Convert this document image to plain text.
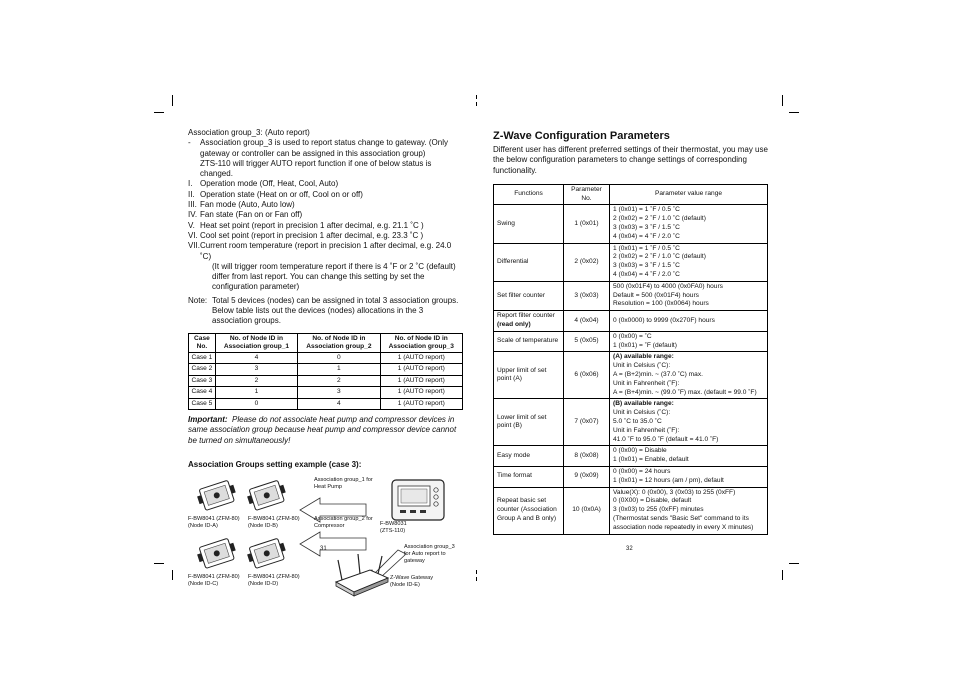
Association group_3: (Auto report)

- Association group_3 is used to report status change to gateway. (Only gateway or controller can be assigned in this association group)
ZTS-110 will trigger AUTO report function if one of below status is changed.
I. Operation mode (Off, Heat, Cool, Auto)
II. Operation state (Heat on or off, Cool on or off)
III. Fan mode (Auto, Auto low)
IV. Fan state (Fan on or Fan off)
V. Heat set point (report in precision 1 after decimal, e.g. 21.1 ˚C )
VI. Cool set point (report in precision 1 after decimal, e.g. 23.3 ˚C )
VII. Current room temperature (report in precision 1 after decimal, e.g. 24.0 ˚C)
(It will trigger room temperature report if there is 4 ˚F or 2 ˚C (default) differ from last report. You can change this setting by set the configuration parameter)
Note: Total 5 devices (nodes) can be assigned in total 3 association groups. Below table lists out the devices (nodes) allocations in the 3 association groups.
Case No.	No. of Node ID in Association group_1	No. of Node ID in Association group_2	No. of Node ID in Association group_3
Case 1	4	0	1 (AUTO report)
Case 2	3	1	1 (AUTO report)
Case 3	2	2	1 (AUTO report)
Case 4	1	3	1 (AUTO report)
Case 5	0	4	1 (AUTO report)

Important: Please do not associate heat pump and compressor devices in same association group because heat pump and compressor device cannot be turned on simultaneously!

Association Groups setting example (case 3):

F-BW8041 (ZFM-80) (Node ID-A)
F-BW8041 (ZFM-80) (Node ID-B)
F-BW8041 (ZFM-80) (Node ID-C)
F-BW8041 (ZFM-80) (Node ID-D)
Association group_1 for Heat Pump
Association group_2 for Compressor
Association group_3 for Auto report to gateway
F-BW8031 (ZTS-110)
Z-Wave Gateway (Node ID-E)
31
Z-Wave Configuration Parameters

Different user has different preferred settings of their thermostat, you may use the below configuration parameters to change settings of corresponding functionality.

Functions	Parameter No.	Parameter value range
Swing	1 (0x01)	1 (0x01) = 1 ˚F / 0.5 ˚C
2 (0x02) = 2 ˚F / 1.0 ˚C (default)
3 (0x03) = 3 ˚F / 1.5 ˚C
4 (0x04) = 4 ˚F / 2.0 ˚C

Differential	2 (0x02)	1 (0x01) = 1 ˚F / 0.5 ˚C
2 (0x02) = 2 ˚F / 1.0 ˚C (default)
3 (0x03) = 3 ˚F / 1.5 ˚C
4 (0x04) = 4 ˚F / 2.0 ˚C

Set filter counter	3 (0x03)	500 (0x01F4) to 4000 (0x0FA0) hours
Default = 500 (0x01F4) hours
Resolution = 100 (0x0064) hours

Report filter counter
(read only)	4 (0x04)	0 (0x0000) to 9999 (0x270F) hours

Scale of temperature	5 (0x05)	0 (0x00) = ˚C
1 (0x01) = ˚F (default)

Upper limit of set point (A)	6 (0x06)	(A) available range:
Unit in Celsius (˚C):
A = (B+2)min. ~ (37.0 ˚C) max.
Unit in Fahrenheit (˚F):
A = (B+4)min. ~ (99.0 ˚F) max. (default = 99.0 ˚F)

Lower limit of set point (B)	7 (0x07)	(B) available range:
Unit in Celsius (˚C):
5.0 ˚C to 35.0 ˚C
Unit in Fahrenheit (˚F):
41.0 ˚F to 95.0 ˚F (default = 41.0 ˚F)

Easy mode	8 (0x08)	0 (0x00) = Disable
1 (0x01) = Enable, default

Time format	9 (0x09)	0 (0x00) = 24 hours
1 (0x01) = 12 hours (am / pm), default

Repeat basic set counter (Association Group A and B only)	10 (0x0A)	Value(X): 0 (0x00), 3 (0x03) to 255 (0xFF)
0 (0X00) = Disable, default
3 (0x03) to 255 (0xFF) minutes
(Thermostat sends "Basic Set" command to its association node repeatedly in every X minutes)
32
